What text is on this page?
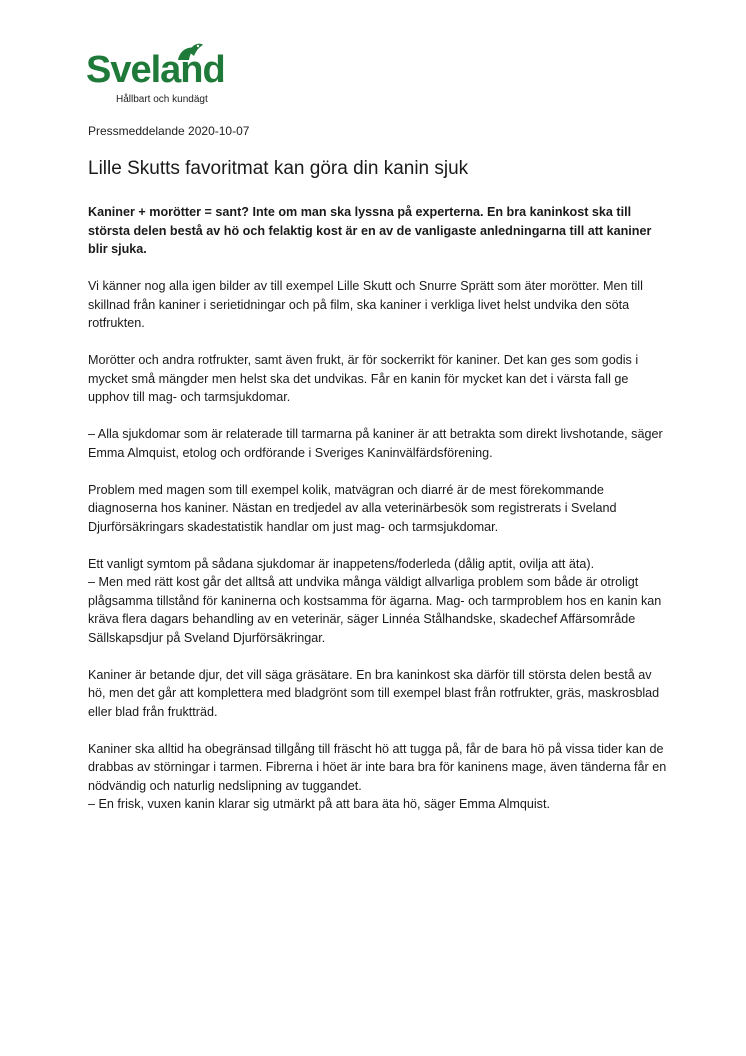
Sveland
Hållbart och kundägt
Pressmeddelande 2020-10-07
Lille Skutts favoritmat kan göra din kanin sjuk

Kaniner + morötter = sant? Inte om man ska lyssna på experterna. En bra kaninkost ska till största delen bestå av hö och felaktig kost är en av de vanligaste anledningarna till att kaniner blir sjuka.

Vi känner nog alla igen bilder av till exempel Lille Skutt och Snurre Sprätt som äter morötter. Men till skillnad från kaniner i serietidningar och på film, ska kaniner i verkliga livet helst undvika den söta rotfrukten.

Morötter och andra rotfrukter, samt även frukt, är för sockerrikt för kaniner. Det kan ges som godis i mycket små mängder men helst ska det undvikas. Får en kanin för mycket kan det i värsta fall ge upphov till mag- och tarmsjukdomar.

– Alla sjukdomar som är relaterade till tarmarna på kaniner är att betrakta som direkt livshotande, säger Emma Almquist, etolog och ordförande i Sveriges Kaninvälfärdsförening.

Problem med magen som till exempel kolik, matvägran och diarré är de mest förekommande diagnoserna hos kaniner. Nästan en tredjedel av alla veterinärbesök som registrerats i Sveland Djurförsäkringars skadestatistik handlar om just mag- och tarmsjukdomar.

Ett vanligt symtom på sådana sjukdomar är inappetens/foderleda (dålig aptit, ovilja att äta).
– Men med rätt kost går det alltså att undvika många väldigt allvarliga problem som både är otroligt plågsamma tillstånd för kaninerna och kostsamma för ägarna. Mag- och tarmproblem hos en kanin kan kräva flera dagars behandling av en veterinär, säger Linnéa Stålhandske, skadechef Affärsområde Sällskapsdjur på Sveland Djurförsäkringar.

Kaniner är betande djur, det vill säga gräsätare. En bra kaninkost ska därför till största delen bestå av hö, men det går att komplettera med bladgrönt som till exempel blast från rotfrukter, gräs, maskrosblad eller blad från fruktträd.

Kaniner ska alltid ha obegränsad tillgång till fräscht hö att tugga på, får de bara hö på vissa tider kan de drabbas av störningar i tarmen. Fibrerna i höet är inte bara bra för kaninens mage, även tänderna får en nödvändig och naturlig nedslipning av tuggandet.
– En frisk, vuxen kanin klarar sig utmärkt på att bara äta hö, säger Emma Almquist.
